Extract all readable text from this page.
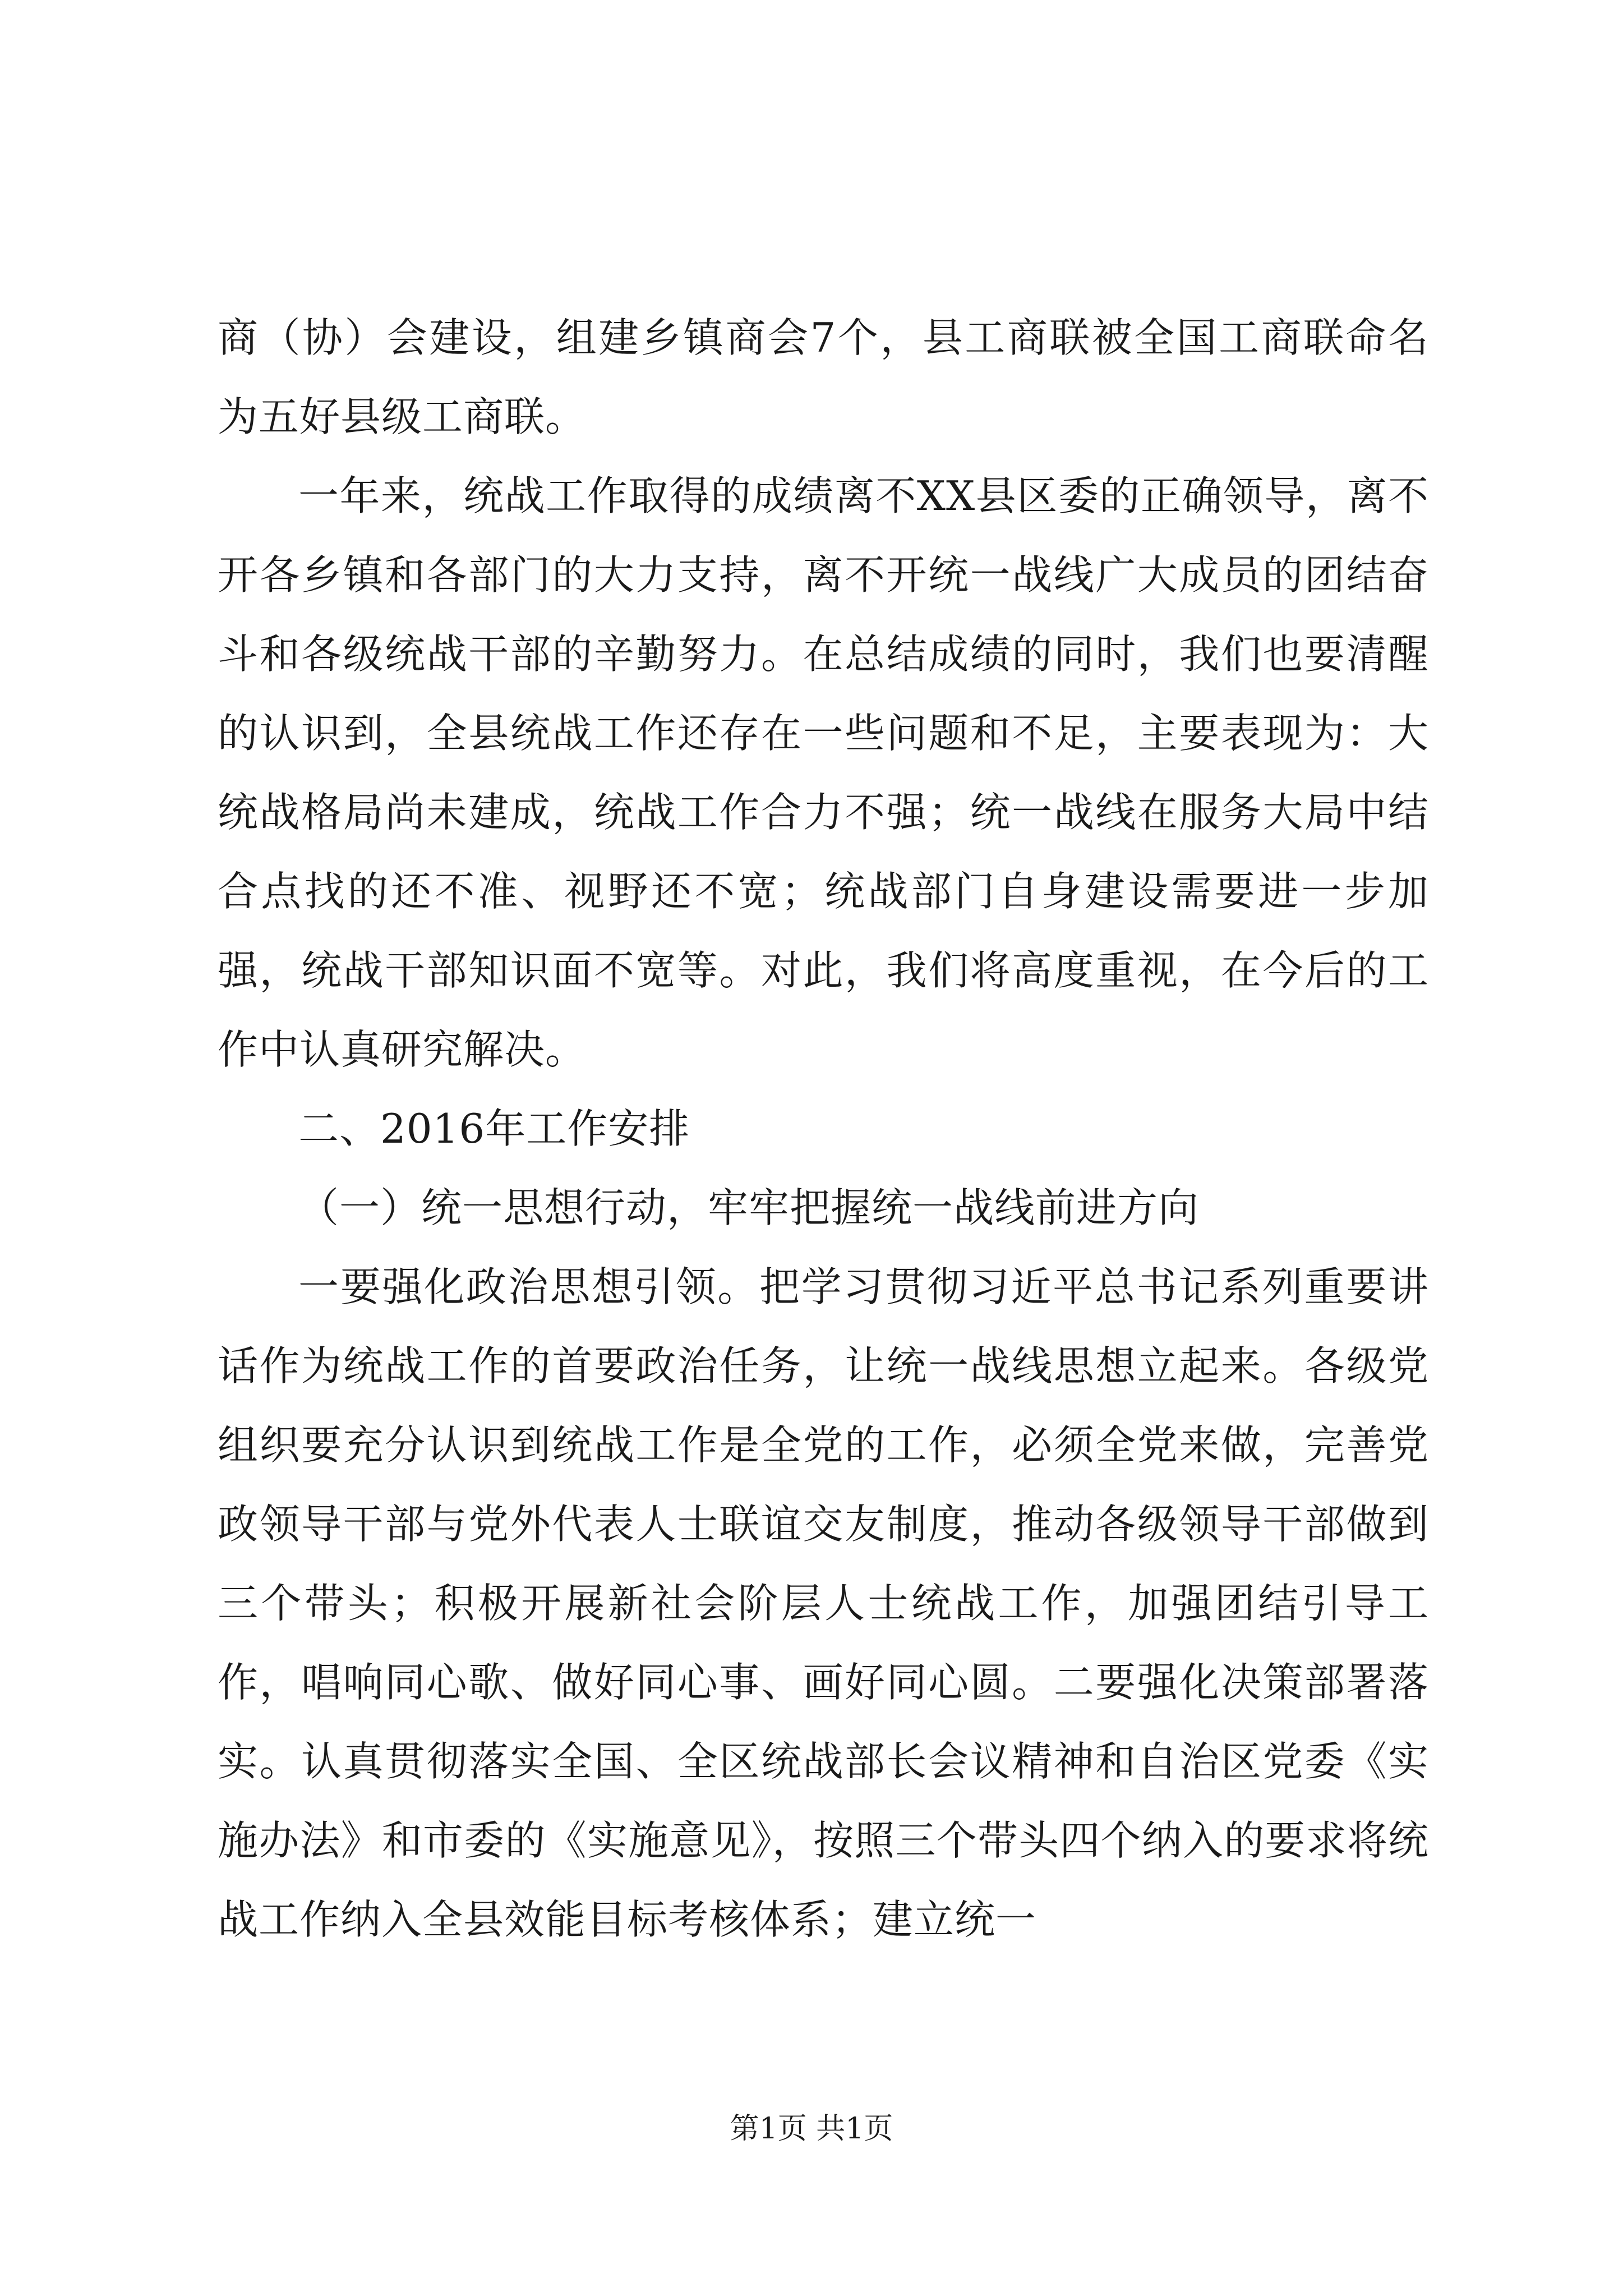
商（协）会建设，组建乡镇商会7个，县工商联被全国工商联命名为五好县级工商联。

一年来，统战工作取得的成绩离不XX县区委的正确领导，离不开各乡镇和各部门的大力支持，离不开统一战线广大成员的团结奋斗和各级统战干部的辛勤努力。在总结成绩的同时，我们也要清醒的认识到，全县统战工作还存在一些问题和不足，主要表现为：大统战格局尚未建成，统战工作合力不强；统一战线在服务大局中结合点找的还不准、视野还不宽；统战部门自身建设需要进一步加强，统战干部知识面不宽等。对此，我们将高度重视，在今后的工作中认真研究解决。

二、2016年工作安排

（一）统一思想行动，牢牢把握统一战线前进方向

一要强化政治思想引领。把学习贯彻习近平总书记系列重要讲话作为统战工作的首要政治任务，让统一战线思想立起来。各级党组织要充分认识到统战工作是全党的工作，必须全党来做，完善党政领导干部与党外代表人士联谊交友制度，推动各级领导干部做到三个带头；积极开展新社会阶层人士统战工作，加强团结引导工作，唱响同心歌、做好同心事、画好同心圆。二要强化决策部署落实。认真贯彻落实全国、全区统战部长会议精神和自治区党委《实施办法》和市委的《实施意见》，按照三个带头四个纳入的要求将统战工作纳入全县效能目标考核体系；建立统一

第1页 共1页
